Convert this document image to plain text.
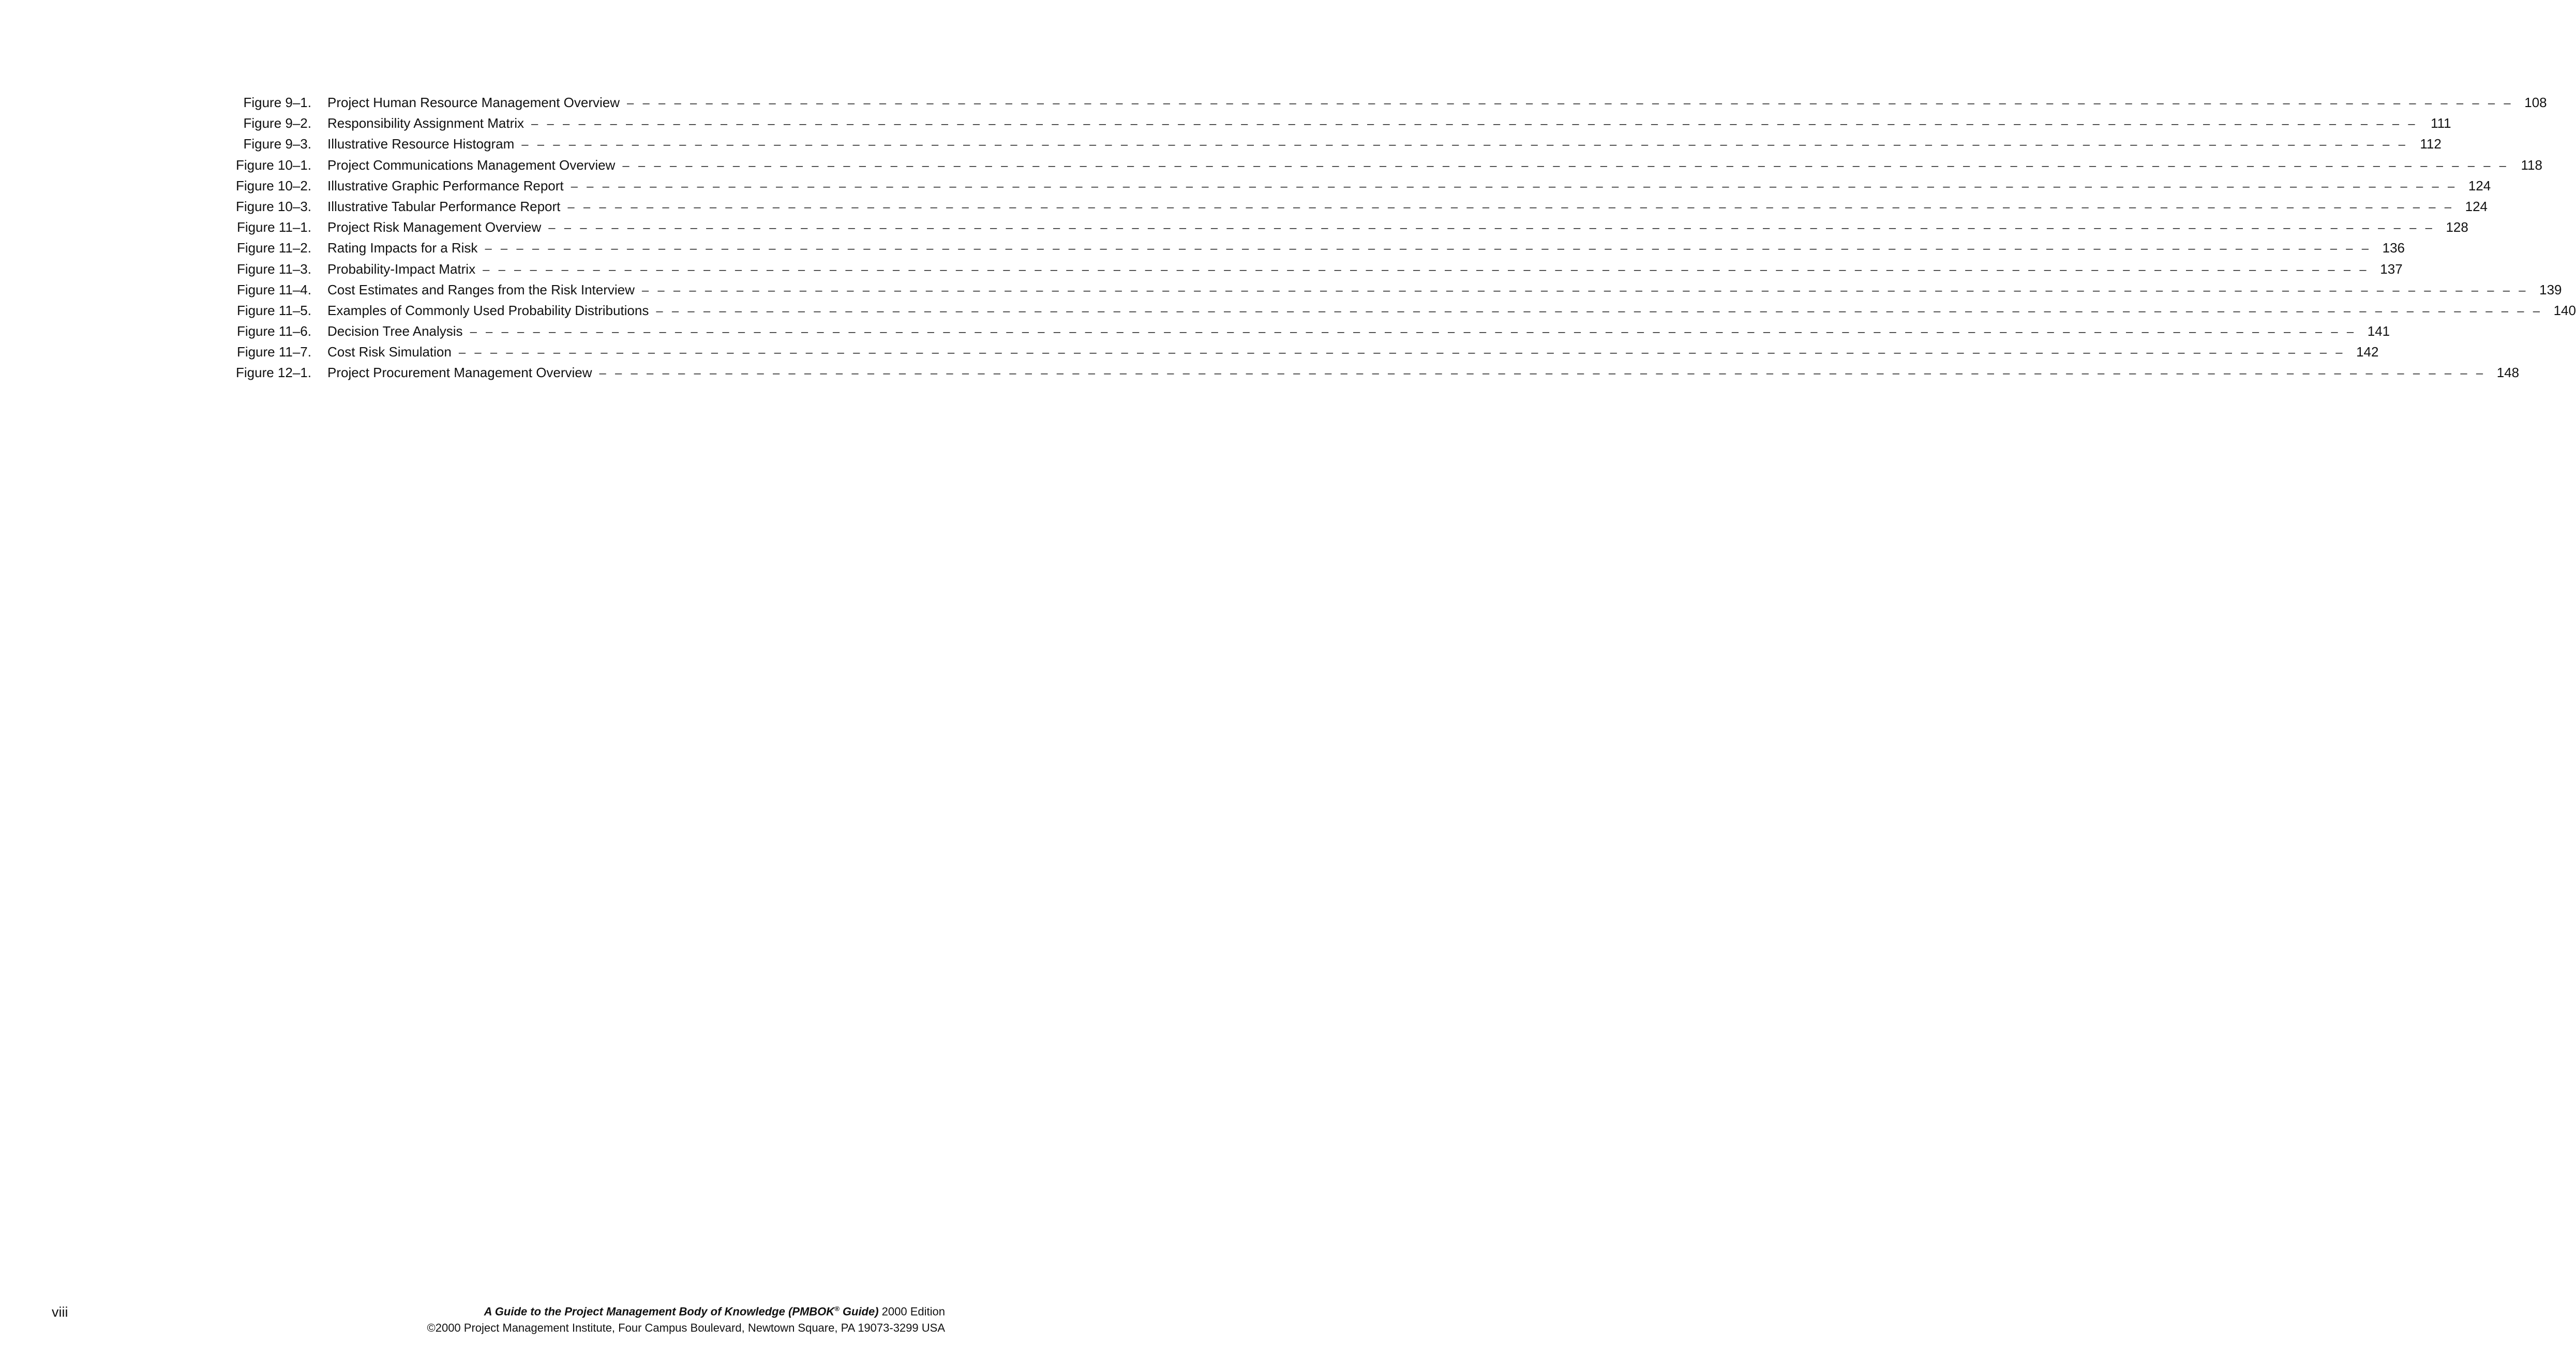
Figure 9–1. Project Human Resource Management Overview – – – – – – – – – – – – – – – – – – – – – – – – – – – – – – – – – – – – – – – – – – – – – – – – – – – – – – – – – – – – – – – – – – – – – – – – – – – – – – – – – – – – – – – – – – – – – – – – – – – – – – – – – – – – – – – – – – – – – – – – 108
Figure 9–2. Responsibility Assignment Matrix – – – – – – – – – – – – – – – – – – – – – – – – – – – – – – – – – – – – – – – – – – – – – – – – – – – – – – – – – – – – – – – – – – – – – – – – – – – – – – – – – – – – – – – – – – – – – – – – – – – – – – – – – – – – – – – – – – – – – – – –	111
Figure 9–3. Illustrative Resource Histogram – – – – – – – – – – – – – – – – – – – – – – – – – – – – – – – – – – – – – – – – – – – – – – – – – – – – – – – – – – – – – – – – – – – – – – – – – – – – – – – – – – – – – – – – – – – – – – – – – – – – – – – – – – – – – – – – – – – – – – – –	112
Figure 10–1. Project Communications Management Overview – – – – – – – – – – – – – – – – – – – – – – – – – – – – – – – – – – – – – – – – – – – – – – – – – – – – – – – – – – – – – – – – – – – – – – – – – – – – – – – – – – – – – – – – – – – – – – – – – – – – – – – – – – – – – – – – – – – – – – – –	118
Figure 10–2. Illustrative Graphic Performance Report – – – – – – – – – – – – – – – – – – – – – – – – – – – – – – – – – – – – – – – – – – – – – – – – – – – – – – – – – – – – – – – – – – – – – – – – – – – – – – – – – – – – – – – – – – – – – – – – – – – – – – – – – – – – – – – – – – – – – – – – 124
Figure 10–3. Illustrative Tabular Performance Report – – – – – – – – – – – – – – – – – – – – – – – – – – – – – – – – – – – – – – – – – – – – – – – – – – – – – – – – – – – – – – – – – – – – – – – – – – – – – – – – – – – – – – – – – – – – – – – – – – – – – – – – – – – – – – – – – – – – – – – – 124
Figure 11–1. Project Risk Management Overview – – – – – – – – – – – – – – – – – – – – – – – – – – – – – – – – – – – – – – – – – – – – – – – – – – – – – – – – – – – – – – – – – – – – – – – – – – – – – – – – – – – – – – – – – – – – – – – – – – – – – – – – – – – – – – – – – – – – – – – – 128
Figure 11–2. Rating Impacts for a Risk – – – – – – – – – – – – – – – – – – – – – – – – – – – – – – – – – – – – – – – – – – – – – – – – – – – – – – – – – – – – – – – – – – – – – – – – – – – – – – – – – – – – – – – – – – – – – – – – – – – – – – – – – – – – – – – – – – – – – – – – 136
Figure 11–3. Probability-Impact Matrix – – – – – – – – – – – – – – – – – – – – – – – – – – – – – – – – – – – – – – – – – – – – – – – – – – – – – – – – – – – – – – – – – – – – – – – – – – – – – – – – – – – – – – – – – – – – – – – – – – – – – – – – – – – – – – – – – – – – – – – – 137
Figure 11–4. Cost Estimates and Ranges from the Risk Interview – – – – – – – – – – – – – – – – – – – – – – – – – – – – – – – – – – – – – – – – – – – – – – – – – – – – – – – – – – – – – – – – – – – – – – – – – – – – – – – – – – – – – – – – – – – – – – – – – – – – – – – – – – – – – – – – – – – – – – – – 139
Figure 11–5. Examples of Commonly Used Probability Distributions – – – – – – – – – – – – – – – – – – – – – – – – – – – – – – – – – – – – – – – – – – – – – – – – – – – – – – – – – – – – – – – – – – – – – – – – – – – – – – – – – – – – – – – – – – – – – – – – – – – – – – – – – – – – – – – – – – – – – – – – 140
Figure 11–6. Decision Tree Analysis – – – – – – – – – – – – – – – – – – – – – – – – – – – – – – – – – – – – – – – – – – – – – – – – – – – – – – – – – – – – – – – – – – – – – – – – – – – – – – – – – – – – – – – – – – – – – – – – – – – – – – – – – – – – – – – – – – – – – – – – 141
Figure 11–7. Cost Risk Simulation – – – – – – – – – – – – – – – – – – – – – – – – – – – – – – – – – – – – – – – – – – – – – – – – – – – – – – – – – – – – – – – – – – – – – – – – – – – – – – – – – – – – – – – – – – – – – – – – – – – – – – – – – – – – – – – – – – – – – – – – 142
Figure 12–1. Project Procurement Management Overview – – – – – – – – – – – – – – – – – – – – – – – – – – – – – – – – – – – – – – – – – – – – – – – – – – – – – – – – – – – – – – – – – – – – – – – – – – – – – – – – – – – – – – – – – – – – – – – – – – – – – – – – – – – – – – – – – – – – – – – – 148
viii	A Guide to the Project Management Body of Knowledge (PMBOK® Guide) 2000 Edition
©2000 Project Management Institute, Four Campus Boulevard, Newtown Square, PA 19073-3299 USA
